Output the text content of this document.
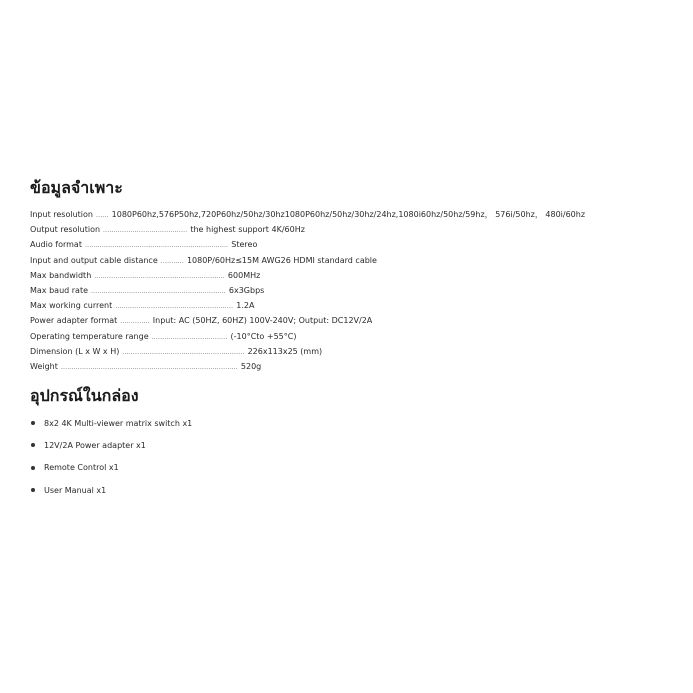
ข้อมูลจำเพาะ
Input resolution ...... 1080P60hz,576P50hz,720P60hz/50hz/30hz1080P60hz/50hz/30hz/24hz,1080i60hz/50hz/59hz， 576i/50hz， 480i/60hz
Output resolution ........................................ the highest support 4K/60Hz
Audio format .................................................................... Stereo
Input and output cable distance ........... 1080P/60Hz≤15M AWG26 HDMI standard cable
Max bandwidth .............................................................. 600MHz
Max baud rate ................................................................ 6x3Gbps
Max working current ........................................................ 1.2A
Power adapter format .............. Input: AC (50HZ, 60HZ) 100V-240V; Output: DC12V/2A
Operating temperature range .................................... (-10°Cto +55°C)
Dimension (L x W x H) .......................................................... 226x113x25 (mm)
Weight .................................................................................... 520g
อุปกรณ์ในกล่อง
8x2 4K Multi-viewer matrix switch x1
12V/2A Power adapter x1
Remote Control x1
User Manual x1
